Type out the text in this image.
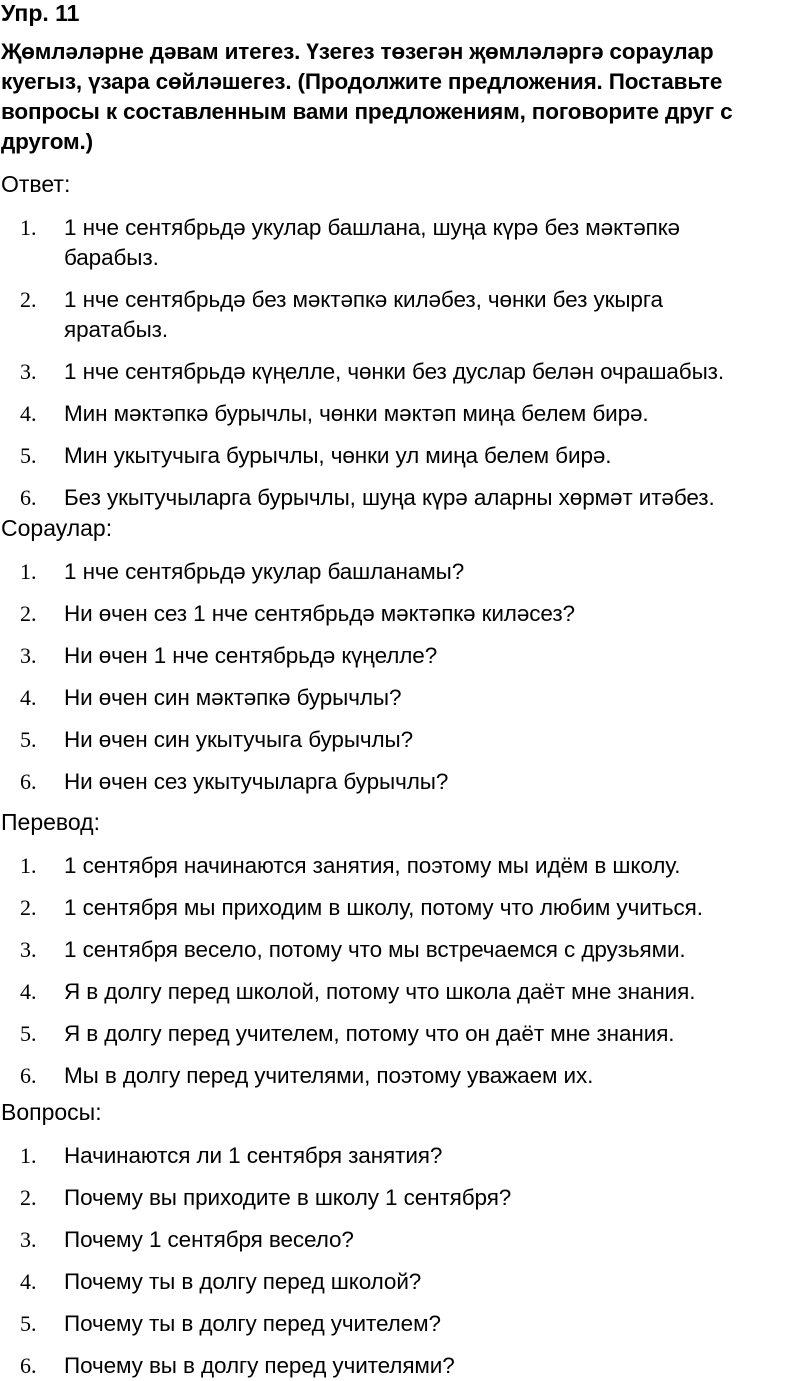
Упр. 11
Җөмләләрне дәвам итегез. Үзегез төзегән җөмләләргә сораулар
куегыз, үзара сөйләшегез. (Продолжите предложения. Поставьте
вопросы к составленным вами предложениям, поговорите друг с
другом.)
Ответ:
1.	1 нче сентябрьдә укулар башлана, шуңа күрә без мәктәпкә
барабыз.
2.	1 нче сентябрьдә без мәктәпкә киләбез, чөнки без укырга
яратабыз.
3.	1 нче сентябрьдә күңелле, чөнки без дуслар белән очрашабыз.
4.	Мин мәктәпкә бурычлы, чөнки мәктәп миңа белем бирә.
5.	Мин укытучыга бурычлы, чөнки ул миңа белем бирә.
6.	Без укытучыларга бурычлы, шуңа күрә аларны хөрмәт итәбез.
Сораулар:
1.	1 нче сентябрьдә укулар башланамы?
2.	Ни өчен сез 1 нче сентябрьдә мәктәпкә киләсез?
3.	Ни өчен 1 нче сентябрьдә күңелле?
4.	Ни өчен син мәктәпкә бурычлы?
5.	Ни өчен син укытучыга бурычлы?
6.	Ни өчен сез укытучыларга бурычлы?
Перевод:
1.	1 сентября начинаются занятия, поэтому мы идём в школу.
2.	1 сентября мы приходим в школу, потому что любим учиться.
3.	1 сентября весело, потому что мы встречаемся с друзьями.
4.	Я в долгу перед школой, потому что школа даёт мне знания.
5.	Я в долгу перед учителем, потому что он даёт мне знания.
6.	Мы в долгу перед учителями, поэтому уважаем их.
Вопросы:
1.	Начинаются ли 1 сентября занятия?
2.	Почему вы приходите в школу 1 сентября?
3.	Почему 1 сентября весело?
4.	Почему ты в долгу перед школой?
5.	Почему ты в долгу перед учителем?
6.	Почему вы в долгу перед учителями?
